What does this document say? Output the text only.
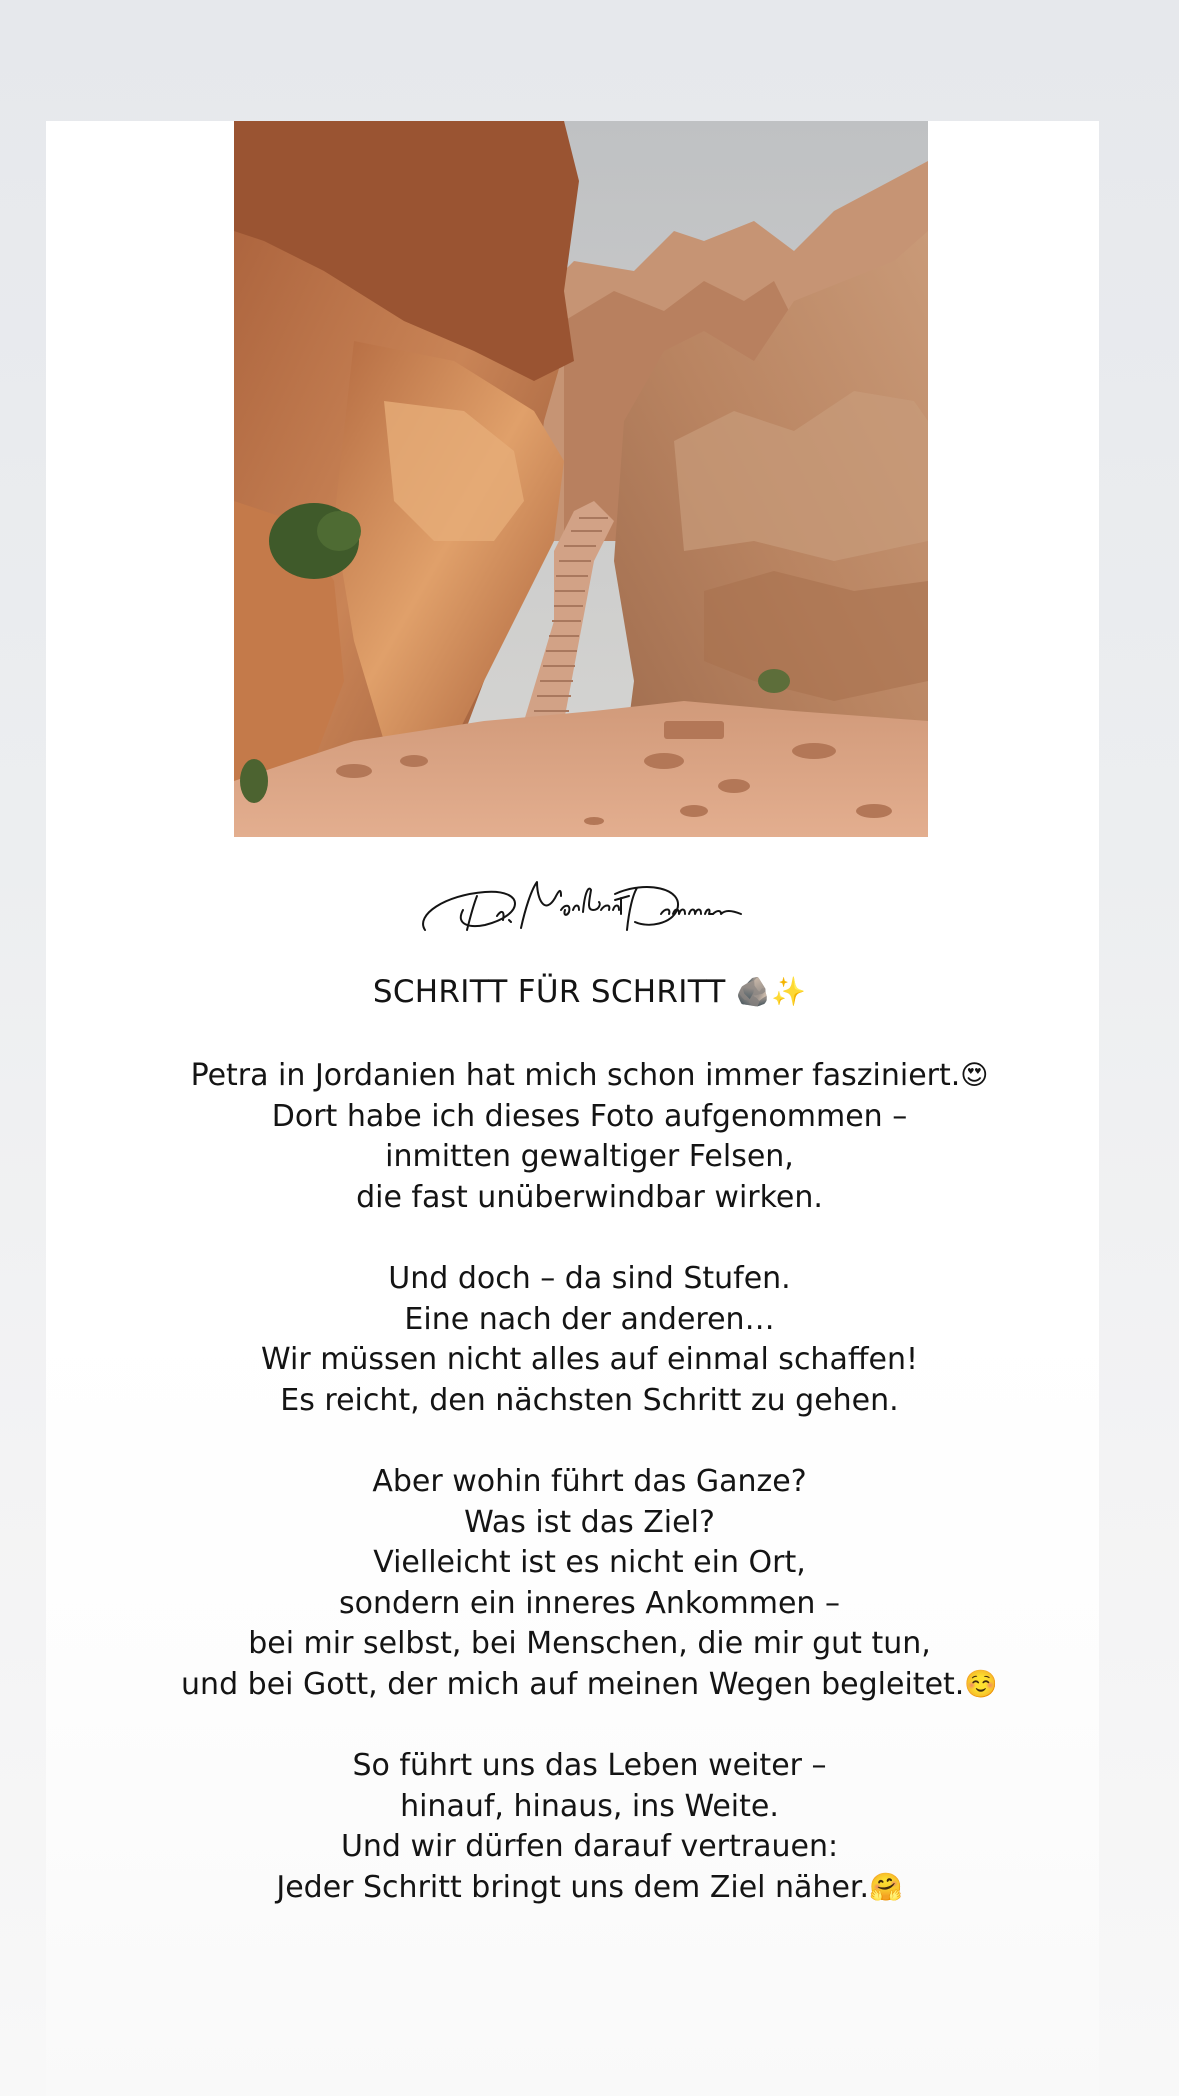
SCHRITT FÜR SCHRITT 🪨✨
Petra in Jordanien hat mich schon immer fasziniert.😍
Dort habe ich dieses Foto aufgenommen –
inmitten gewaltiger Felsen,
die fast unüberwindbar wirken.
Und doch – da sind Stufen.
Eine nach der anderen…
Wir müssen nicht alles auf einmal schaffen!
Es reicht, den nächsten Schritt zu gehen.
Aber wohin führt das Ganze?
Was ist das Ziel?
Vielleicht ist es nicht ein Ort,
sondern ein inneres Ankommen –
bei mir selbst, bei Menschen, die mir gut tun,
und bei Gott, der mich auf meinen Wegen begleitet.☺️
So führt uns das Leben weiter –
hinauf, hinaus, ins Weite.
Und wir dürfen darauf vertrauen:
Jeder Schritt bringt uns dem Ziel näher.🤗
